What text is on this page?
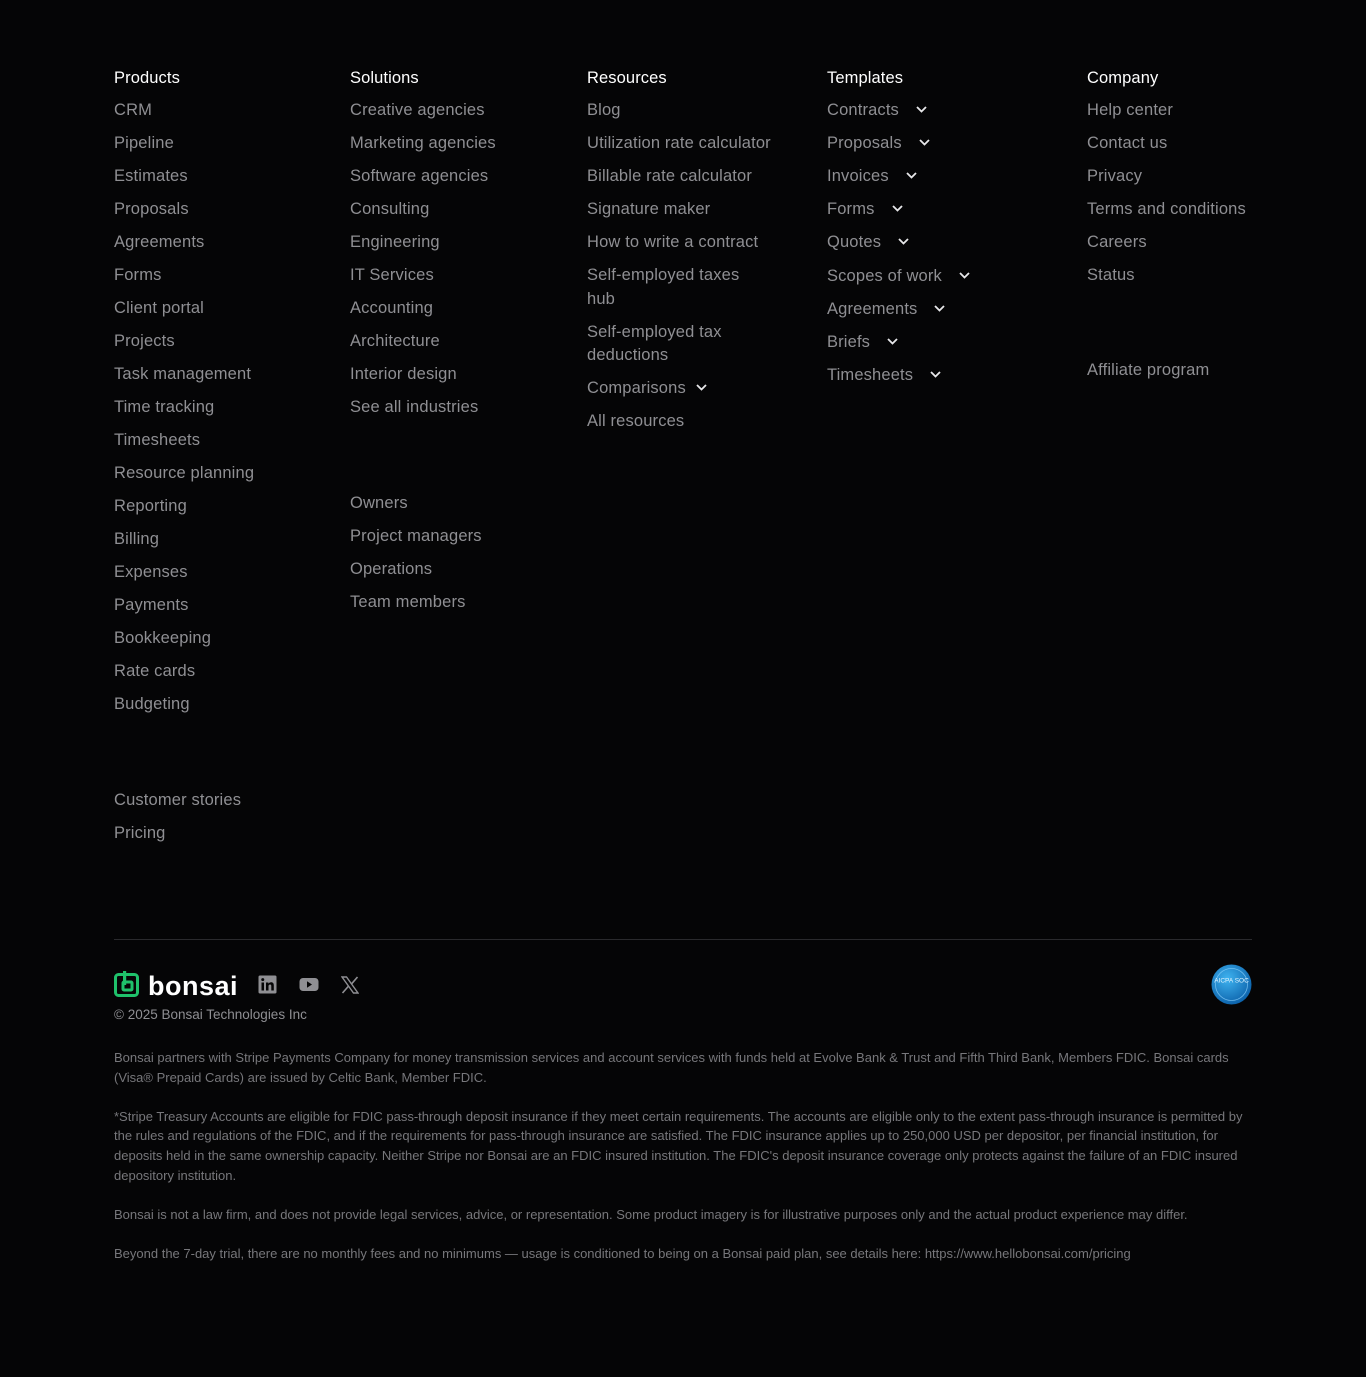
Products
CRM
Pipeline
Estimates
Proposals
Agreements
Forms
Client portal
Projects
Task management
Time tracking
Timesheets
Resource planning
Reporting
Billing
Expenses
Payments
Bookkeeping
Rate cards
Budgeting
Customer stories
Pricing
Solutions
Creative agencies
Marketing agencies
Software agencies
Consulting
Engineering
IT Services
Accounting
Architecture
Interior design
See all industries
Owners
Project managers
Operations
Team members
Resources
Blog
Utilization rate calculator
Billable rate calculator
Signature maker
How to write a contract
Self-employed taxes hub
Self-employed tax deductions
Comparisons
All resources
Templates
Contracts
Proposals
Invoices
Forms
Quotes
Scopes of work
Agreements
Briefs
Timesheets
Company
Help center
Contact us
Privacy
Terms and conditions
Careers
Status
Affiliate program
bonsai
© 2025 Bonsai Technologies Inc
AICPA SOC

Bonsai partners with Stripe Payments Company for money transmission services and account services with funds held at Evolve Bank & Trust and Fifth Third Bank, Members FDIC. Bonsai cards (Visa® Prepaid Cards) are issued by Celtic Bank, Member FDIC.

*Stripe Treasury Accounts are eligible for FDIC pass-through deposit insurance if they meet certain requirements. The accounts are eligible only to the extent pass-through insurance is permitted by the rules and regulations of the FDIC, and if the requirements for pass-through insurance are satisfied. The FDIC insurance applies up to 250,000 USD per depositor, per financial institution, for deposits held in the same ownership capacity. Neither Stripe nor Bonsai are an FDIC insured institution. The FDIC's deposit insurance coverage only protects against the failure of an FDIC insured depository institution.

Bonsai is not a law firm, and does not provide legal services, advice, or representation. Some product imagery is for illustrative purposes only and the actual product experience may differ.

Beyond the 7-day trial, there are no monthly fees and no minimums — usage is conditioned to being on a Bonsai paid plan, see details here: https://www.hellobonsai.com/pricing
